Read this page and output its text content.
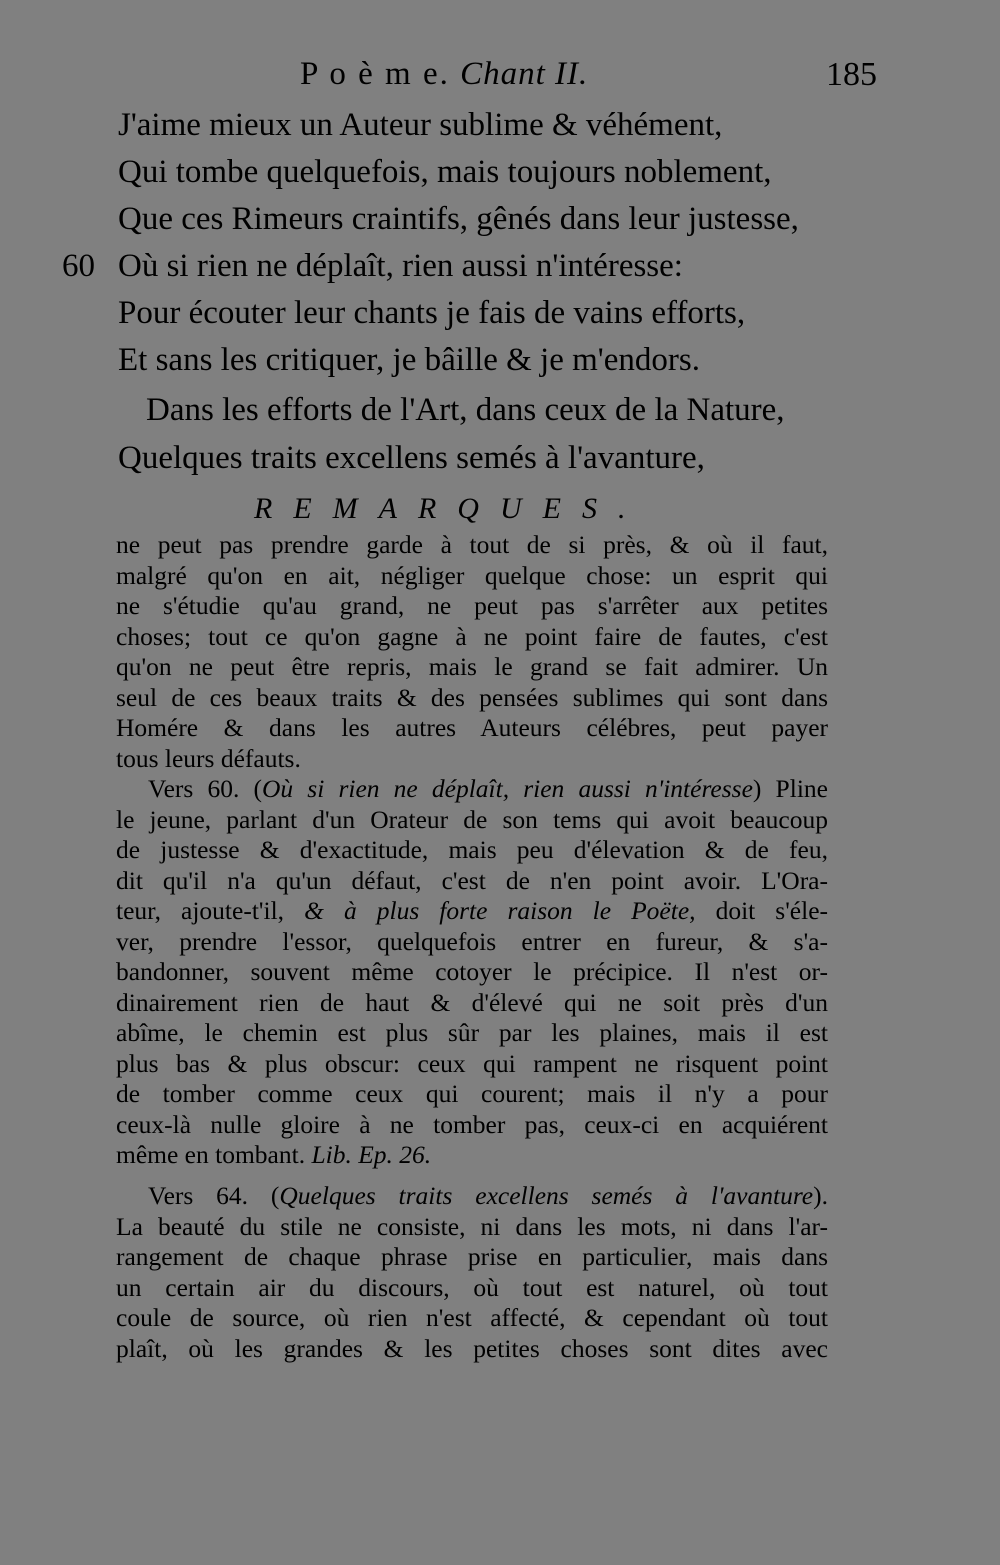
P o è m e. Chant II.	185
J'aime mieux un Auteur sublime & véhément,
Qui tombe quelquefois, mais toujours noblement,
Que ces Rimeurs craintifs, gênés dans leur justesse,
60 Où si rien ne déplaît, rien aussi n'intéresse:
Pour écouter leur chants je fais de vains efforts,
Et sans les critiquer, je bâille & je m'endors.
Dans les efforts de l'Art, dans ceux de la Nature,
Quelques traits excellens semés à l'avanture,
REMARQUES.
ne peut pas prendre garde à tout de si près, & où il faut,
malgré qu'on en ait, négliger quelque chose: un esprit qui
ne s'étudie qu'au grand, ne peut pas s'arrêter aux petites
choses; tout ce qu'on gagne à ne point faire de fautes, c'est
qu'on ne peut être repris, mais le grand se fait admirer. Un
seul de ces beaux traits & des pensées sublimes qui sont dans
Homére & dans les autres Auteurs célébres, peut payer
tous leurs défauts.
Vers 60. (Où si rien ne déplaît, rien aussi n'intéresse) Pline
le jeune, parlant d'un Orateur de son tems qui avoit beaucoup
de justesse & d'exactitude, mais peu d'élevation & de feu,
dit qu'il n'a qu'un défaut, c'est de n'en point avoir. L'Ora-
teur, ajoute-t'il, & à plus forte raison le Poëte, doit s'éle-
ver, prendre l'essor, quelquefois entrer en fureur, & s'a-
bandonner, souvent même cotoyer le précipice. Il n'est or-
dinairement rien de haut & d'élevé qui ne soit près d'un
abîme, le chemin est plus sûr par les plaines, mais il est
plus bas & plus obscur: ceux qui rampent ne risquent point
de tomber comme ceux qui courent; mais il n'y a pour
ceux-là nulle gloire à ne tomber pas, ceux-ci en acquiérent
même en tombant. Lib. Ep. 26.
Vers 64. (Quelques traits excellens semés à l'avanture).
La beauté du stile ne consiste, ni dans les mots, ni dans l'ar-
rangement de chaque phrase prise en particulier, mais dans
un certain air du discours, où tout est naturel, où tout
coule de source, où rien n'est affecté, & cependant où tout
plaît, où les grandes & les petites choses sont dites avec
